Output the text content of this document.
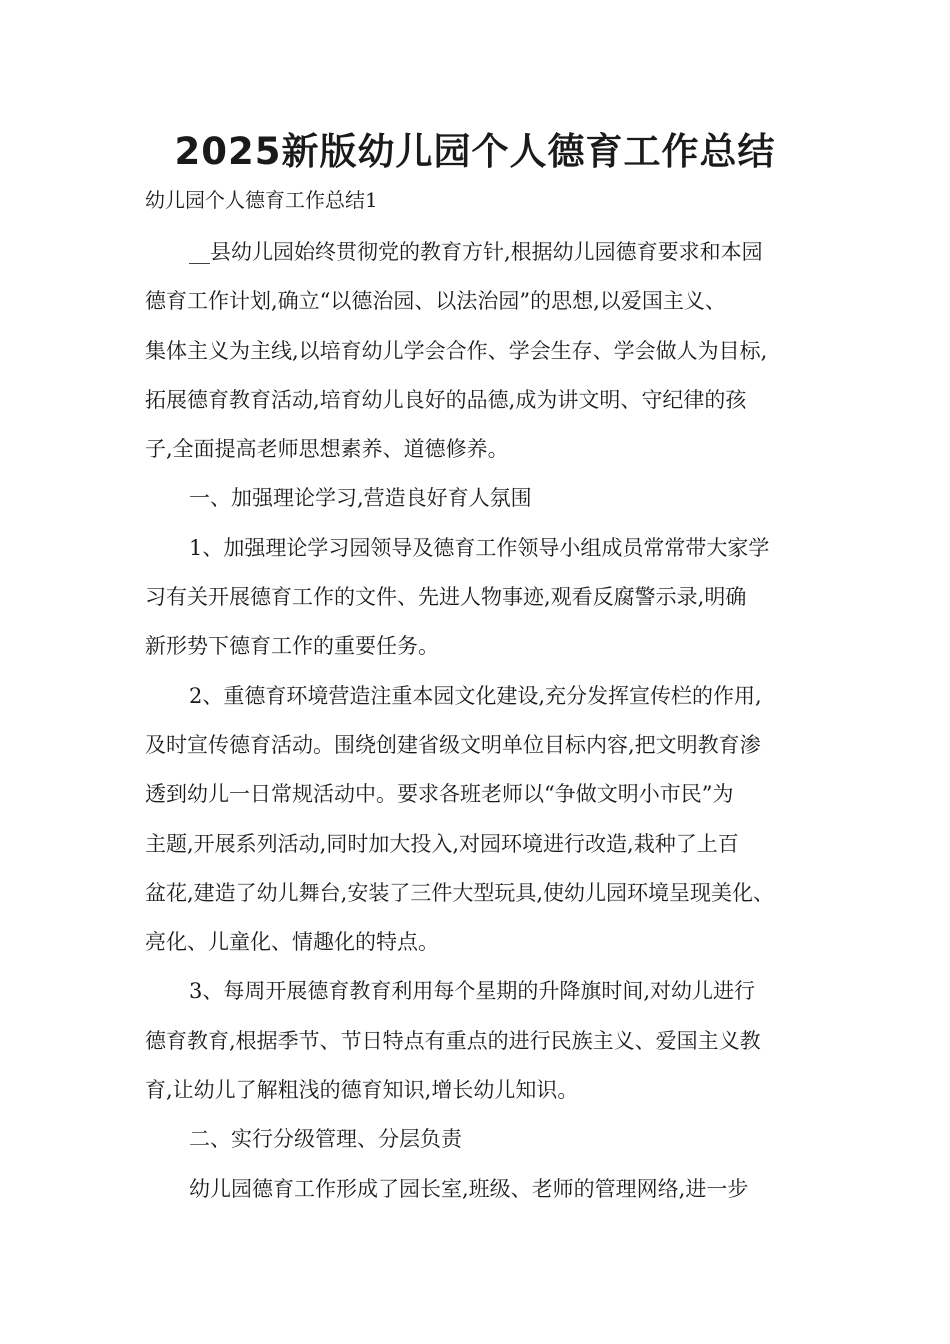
2025新版幼儿园个人德育工作总结

幼儿园个人德育工作总结1

__县幼儿园始终贯彻党的教育方针,根据幼儿园德育要求和本园

德育工作计划,确立“以德治园、以法治园”的思想,以爱国主义、

集体主义为主线,以培育幼儿学会合作、学会生存、学会做人为目标,

拓展德育教育活动,培育幼儿良好的品德,成为讲文明、守纪律的孩

子,全面提高老师思想素养、道德修养。

一、加强理论学习,营造良好育人氛围

1、加强理论学习园领导及德育工作领导小组成员常常带大家学

习有关开展德育工作的文件、先进人物事迹,观看反腐警示录,明确

新形势下德育工作的重要任务。

2、重德育环境营造注重本园文化建设,充分发挥宣传栏的作用,

及时宣传德育活动。围绕创建省级文明单位目标内容,把文明教育渗

透到幼儿一日常规活动中。要求各班老师以“争做文明小市民”为

主题,开展系列活动,同时加大投入,对园环境进行改造,栽种了上百

盆花,建造了幼儿舞台,安装了三件大型玩具,使幼儿园环境呈现美化、

亮化、儿童化、情趣化的特点。

3、每周开展德育教育利用每个星期的升降旗时间,对幼儿进行

德育教育,根据季节、节日特点有重点的进行民族主义、爱国主义教

育,让幼儿了解粗浅的德育知识,增长幼儿知识。

二、实行分级管理、分层负责

幼儿园德育工作形成了园长室,班级、老师的管理网络,进一步
